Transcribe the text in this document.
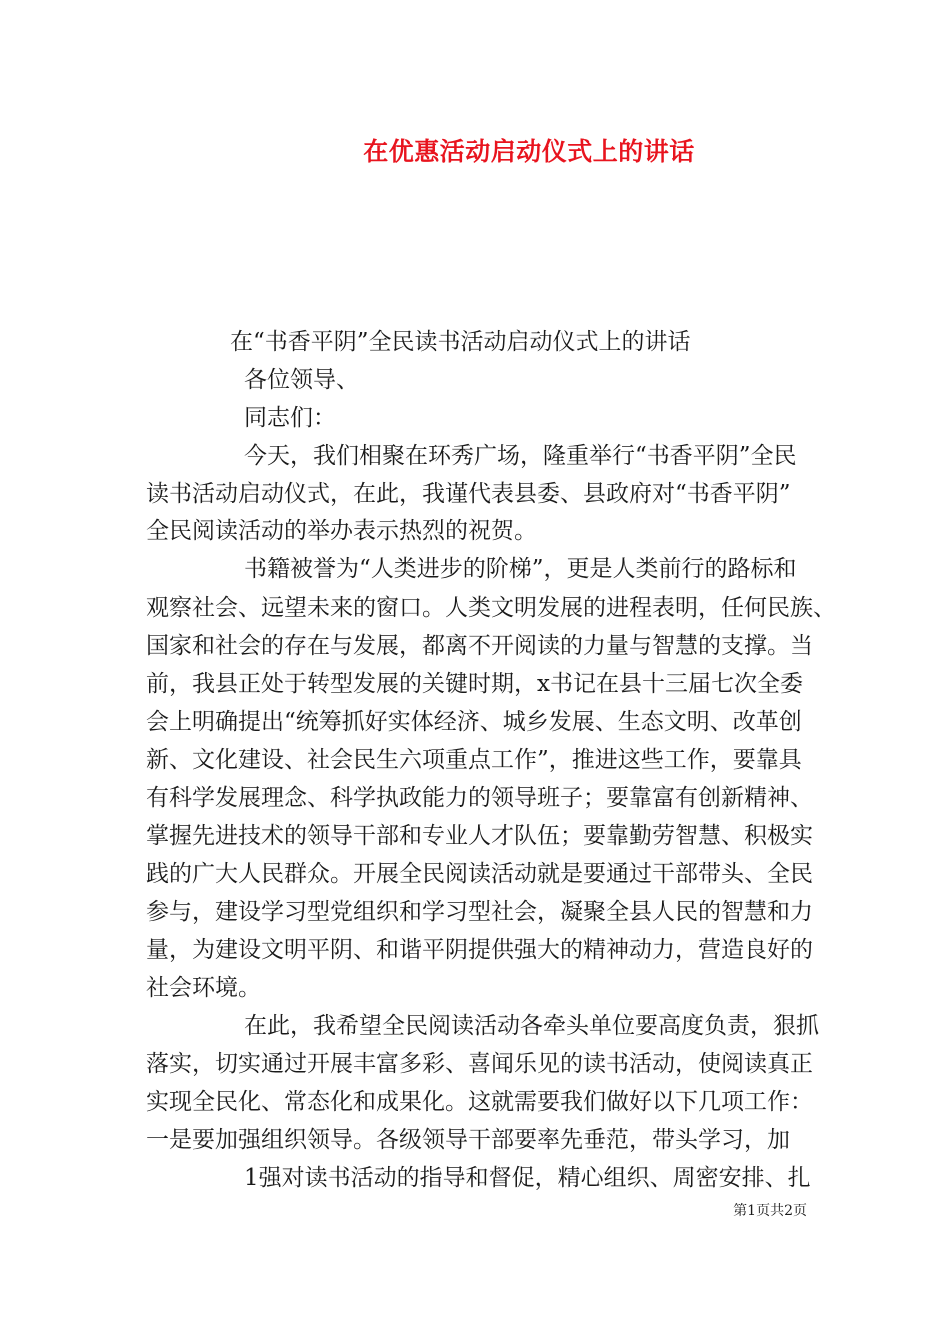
在优惠活动启动仪式上的讲话
在“书香平阴”全民读书活动启动仪式上的讲话
各位领导、
同志们：
今天，我们相聚在环秀广场，隆重举行“书香平阴”全民
读书活动启动仪式，在此，我谨代表县委、县政府对“书香平阴”
全民阅读活动的举办表示热烈的祝贺。
书籍被誉为“人类进步的阶梯”，更是人类前行的路标和
观察社会、远望未来的窗口。人类文明发展的进程表明，任何民族、
国家和社会的存在与发展，都离不开阅读的力量与智慧的支撑。当
前，我县正处于转型发展的关键时期，x书记在县十三届七次全委
会上明确提出“统筹抓好实体经济、城乡发展、生态文明、改革创
新、文化建设、社会民生六项重点工作”，推进这些工作，要靠具
有科学发展理念、科学执政能力的领导班子；要靠富有创新精神、
掌握先进技术的领导干部和专业人才队伍；要靠勤劳智慧、积极实
践的广大人民群众。开展全民阅读活动就是要通过干部带头、全民
参与，建设学习型党组织和学习型社会，凝聚全县人民的智慧和力
量，为建设文明平阴、和谐平阴提供强大的精神动力，营造良好的
社会环境。
在此，我希望全民阅读活动各牵头单位要高度负责，狠抓
落实，切实通过开展丰富多彩、喜闻乐见的读书活动，使阅读真正
实现全民化、常态化和成果化。这就需要我们做好以下几项工作：
一是要加强组织领导。各级领导干部要率先垂范，带头学习，加
1强对读书活动的指导和督促，精心组织、周密安排、扎
第1页共2页
